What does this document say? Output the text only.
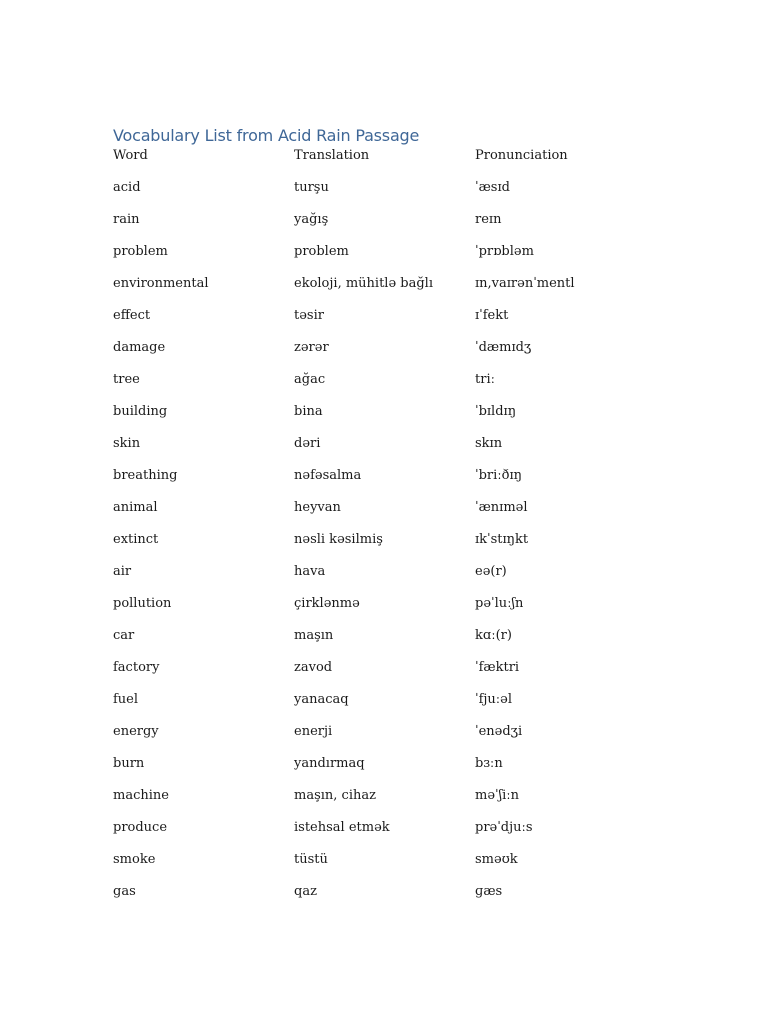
Vocabulary List from Acid Rain Passage
Word	Translation	Pronunciation
acid	turşu	ˈæsɪd
rain	yağış	reɪn
problem	problem	ˈprɒbləm
environmental	ekoloji, mühitlə bağlı	ɪn,vaɪrənˈmentl
effect	təsir	ɪˈfekt
damage	zərər	ˈdæmɪdʒ
tree	ağac	triː
building	bina	ˈbɪldɪŋ
skin	dəri	skɪn
breathing	nəfəsalma	ˈbriːðɪŋ
animal	heyvan	ˈænɪməl
extinct	nəsli kəsilmiş	ɪkˈstɪŋkt
air	hava	eə(r)
pollution	çirklənmə	pəˈluːʃn
car	maşın	kɑː(r)
factory	zavod	ˈfæktri
fuel	yanacaq	ˈfjuːəl
energy	enerji	ˈenədʒi
burn	yandırmaq	bɜːn
machine	maşın, cihaz	məˈʃiːn
produce	istehsal etmək	prəˈdjuːs
smoke	tüstü	sməʊk
gas	qaz	ɡæs
